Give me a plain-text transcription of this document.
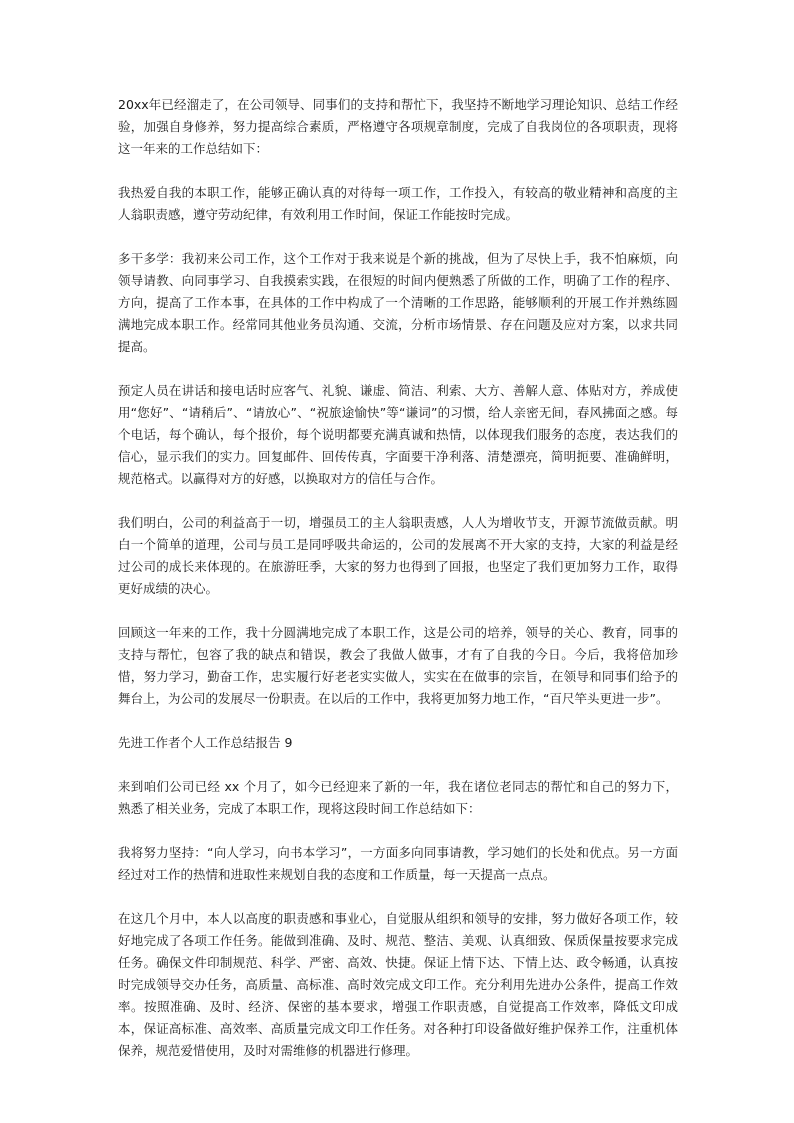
20xx年已经溜走了，在公司领导、同事们的支持和帮忙下，我坚持不断地学习理论知识、总结工作经验，加强自身修养，努力提高综合素质，严格遵守各项规章制度，完成了自我岗位的各项职责，现将这一年来的工作总结如下：

我热爱自我的本职工作，能够正确认真的对待每一项工作，工作投入，有较高的敬业精神和高度的主人翁职责感，遵守劳动纪律，有效利用工作时间，保证工作能按时完成。

多干多学：我初来公司工作，这个工作对于我来说是个新的挑战，但为了尽快上手，我不怕麻烦，向领导请教、向同事学习、自我摸索实践，在很短的时间内便熟悉了所做的工作，明确了工作的程序、方向，提高了工作本事，在具体的工作中构成了一个清晰的工作思路，能够顺利的开展工作并熟练圆满地完成本职工作。经常同其他业务员沟通、交流，分析市场情景、存在问题及应对方案，以求共同提高。

预定人员在讲话和接电话时应客气、礼貌、谦虚、简洁、利索、大方、善解人意、体贴对方，养成使用“您好”、“请稍后”、“请放心”、“祝旅途愉快”等“谦词”的习惯，给人亲密无间，春风拂面之感。每个电话，每个确认，每个报价，每个说明都要充满真诚和热情，以体现我们服务的态度，表达我们的信心，显示我们的实力。回复邮件、回传传真，字面要干净利落、清楚漂亮，简明扼要、准确鲜明，规范格式。以赢得对方的好感，以换取对方的信任与合作。

我们明白，公司的利益高于一切，增强员工的主人翁职责感，人人为增收节支，开源节流做贡献。明白一个简单的道理，公司与员工是同呼吸共命运的，公司的发展离不开大家的支持，大家的利益是经过公司的成长来体现的。在旅游旺季，大家的努力也得到了回报，也坚定了我们更加努力工作，取得更好成绩的决心。

回顾这一年来的工作，我十分圆满地完成了本职工作，这是公司的培养，领导的关心、教育，同事的支持与帮忙，包容了我的缺点和错误，教会了我做人做事，才有了自我的今日。今后，我将倍加珍惜，努力学习，勤奋工作，忠实履行好老老实实做人，实实在在做事的宗旨，在领导和同事们给予的舞台上，为公司的发展尽一份职责。在以后的工作中，我将更加努力地工作，“百尺竿头更进一步”。

先进工作者个人工作总结报告 9

来到咱们公司已经 xx 个月了，如今已经迎来了新的一年，我在诸位老同志的帮忙和自己的努力下，熟悉了相关业务，完成了本职工作，现将这段时间工作总结如下：

我将努力坚持：“向人学习，向书本学习”，一方面多向同事请教，学习她们的长处和优点。另一方面经过对工作的热情和进取性来规划自我的态度和工作质量，每一天提高一点点。

在这几个月中，本人以高度的职责感和事业心，自觉服从组织和领导的安排，努力做好各项工作，较好地完成了各项工作任务。能做到准确、及时、规范、整洁、美观、认真细致、保质保量按要求完成任务。确保文件印制规范、科学、严密、高效、快捷。保证上情下达、下情上达、政令畅通，认真按时完成领导交办任务，高质量、高标准、高时效完成文印工作。充分利用先进办公条件，提高工作效率。按照准确、及时、经济、保密的基本要求，增强工作职责感，自觉提高工作效率，降低文印成本，保证高标准、高效率、高质量完成文印工作任务。对各种打印设备做好维护保养工作，注重机体保养，规范爱惜使用，及时对需维修的机器进行修理。
